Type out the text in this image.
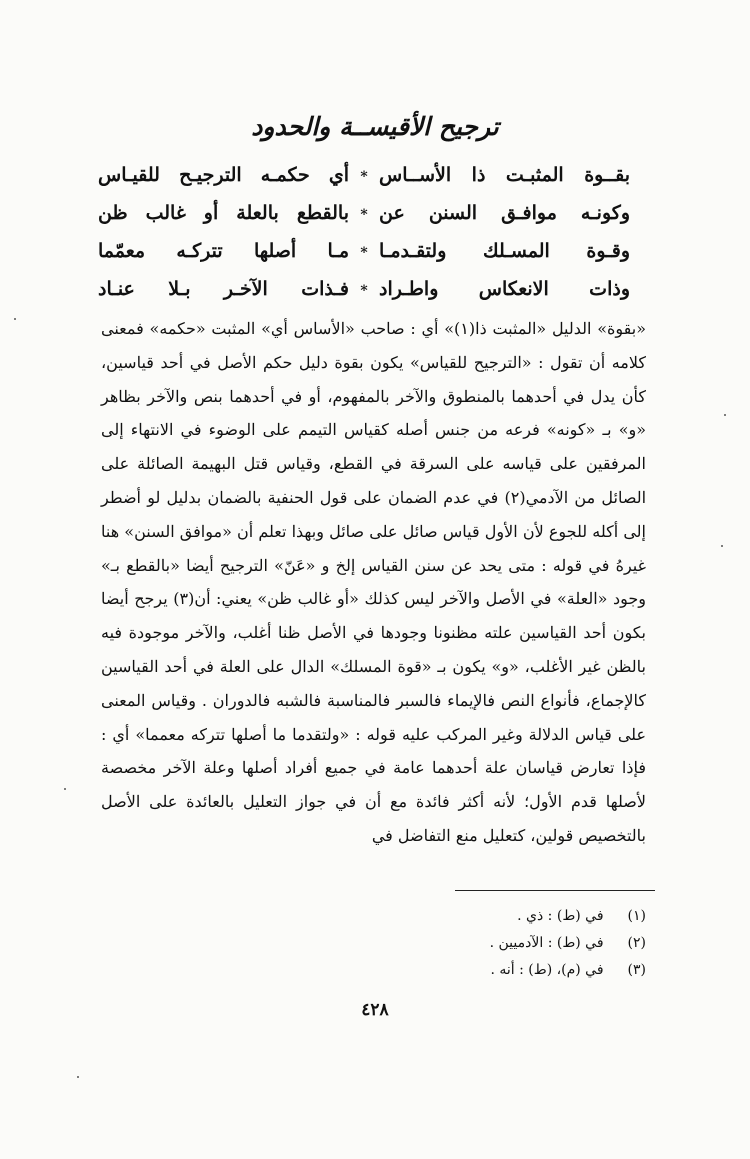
ترجيح الأقيســة والحدود
بقــوة المثبـت ذا الأســاس
*
أي حكمـه الترجيـح للقيـاس
وكونـه موافـق السنن عن
*
بالقطع بالعلة أو غالب ظن
وقـوة المسـلك ولتقـدمـا
*
مـا أصلها تتركـه معمّما
وذات الانعكاس واطـراد
*
فـذات الآخـر بـلا عنـاد

«بقوة» الدليل «المثبت ذا(١)» أي : صاحب «الأساس أي» المثبت «حكمه» فمعنى كلامه أن تقول : «الترجيح للقياس» يكون بقوة دليل حكم الأصل في أحد قياسين، كأن يدل في أحدهما بالمنطوق والآخر بالمفهوم، أو في أحدهما بنص والآخر بظاهر «و» بـ «كونه» فرعه من جنس أصله كقياس التيمم على الوضوء في الانتهاء إلى المرفقين على قياسه على السرقة في القطع، وقياس قتل البهيمة الصائلة على الصائل من الآدمي(٢) في عدم الضمان على قول الحنفية بالضمان بدليل لو أضطر إلى أكله للجوع لأن الأول قياس صائل على صائل وبهذا تعلم أن «موافق السنن» هنا غيرهُ في قوله : متى يحد عن سنن القياس إلخ و «عَنّ» الترجيح أيضا «بالقطع بـ» وجود «العلة» في الأصل والآخر ليس كذلك «أو غالب ظن» يعني: أن(٣) يرجح أيضا بكون أحد القياسين علته مظنونا وجودها في الأصل ظنا أغلب، والآخر موجودة فيه بالظن غير الأغلب، «و» يكون بـ «قوة المسلك» الدال على العلة في أحد القياسين كالإجماع، فأنواع النص فالإيماء فالسبر فالمناسبة فالشبه فالدوران . وقياس المعنى على قياس الدلالة وغير المركب عليه قوله : «ولتقدما ما أصلها تتركه معمما» أي : فإذا تعارض قياسان علة أحدهما عامة في جميع أفراد أصلها وعلة الآخر مخصصة لأصلها قدم الأول؛ لأنه أكثر فائدة مع أن في جواز التعليل بالعائدة على الأصل بالتخصيص قولين، كتعليل منع التفاضل في

(١) في (ط) : ذي .
(٢) في (ط) : الآدميين .
(٣) في (م)، (ط) : أنه .
٤٢٨
